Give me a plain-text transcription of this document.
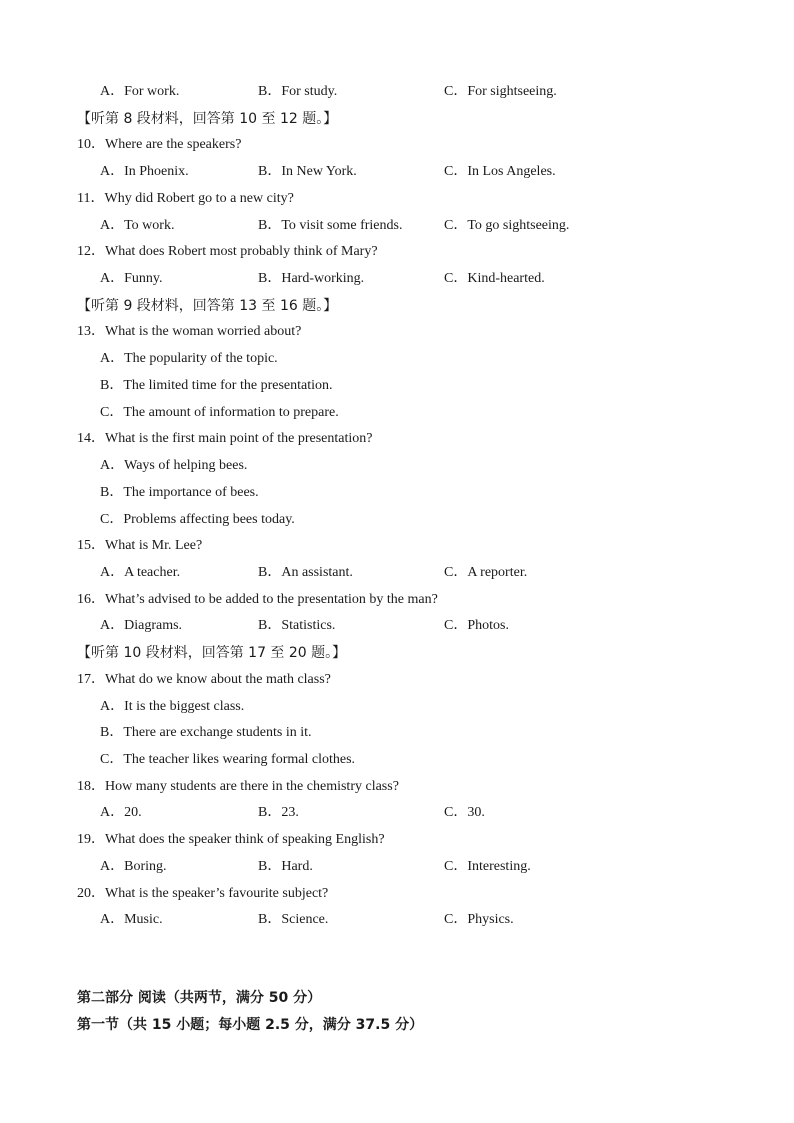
A．For work.	B．For study.	C．For sightseeing.
【听第 8 段材料，回答第 10 至 12 题。】
10．Where are the speakers?
A．In Phoenix.	B．In New York.	C．In Los Angeles.
11．Why did Robert go to a new city?
A．To work.	B．To visit some friends.	C．To go sightseeing.
12．What does Robert most probably think of Mary?
A．Funny.	B．Hard-working.	C．Kind-hearted.
【听第 9 段材料，回答第 13 至 16 题。】
13．What is the woman worried about?
A．The popularity of the topic.
B．The limited time for the presentation.
C．The amount of information to prepare.
14．What is the first main point of the presentation?
A．Ways of helping bees.
B．The importance of bees.
C．Problems affecting bees today.
15．What is Mr. Lee?
A．A teacher.	B．An assistant.	C．A reporter.
16．What’s advised to be added to the presentation by the man?
A．Diagrams.	B．Statistics.	C．Photos.
【听第 10 段材料，回答第 17 至 20 题。】
17．What do we know about the math class?
A．It is the biggest class.
B．There are exchange students in it.
C．The teacher likes wearing formal clothes.
18．How many students are there in the chemistry class?
A．20.	B．23.	C．30.
19．What does the speaker think of speaking English?
A．Boring.	B．Hard.	C．Interesting.
20．What is the speaker’s favourite subject?
A．Music.	B．Science.	C．Physics.
第二部分 阅读（共两节，满分 50 分）
第一节（共 15 小题；每小题 2.5 分，满分 37.5 分）
